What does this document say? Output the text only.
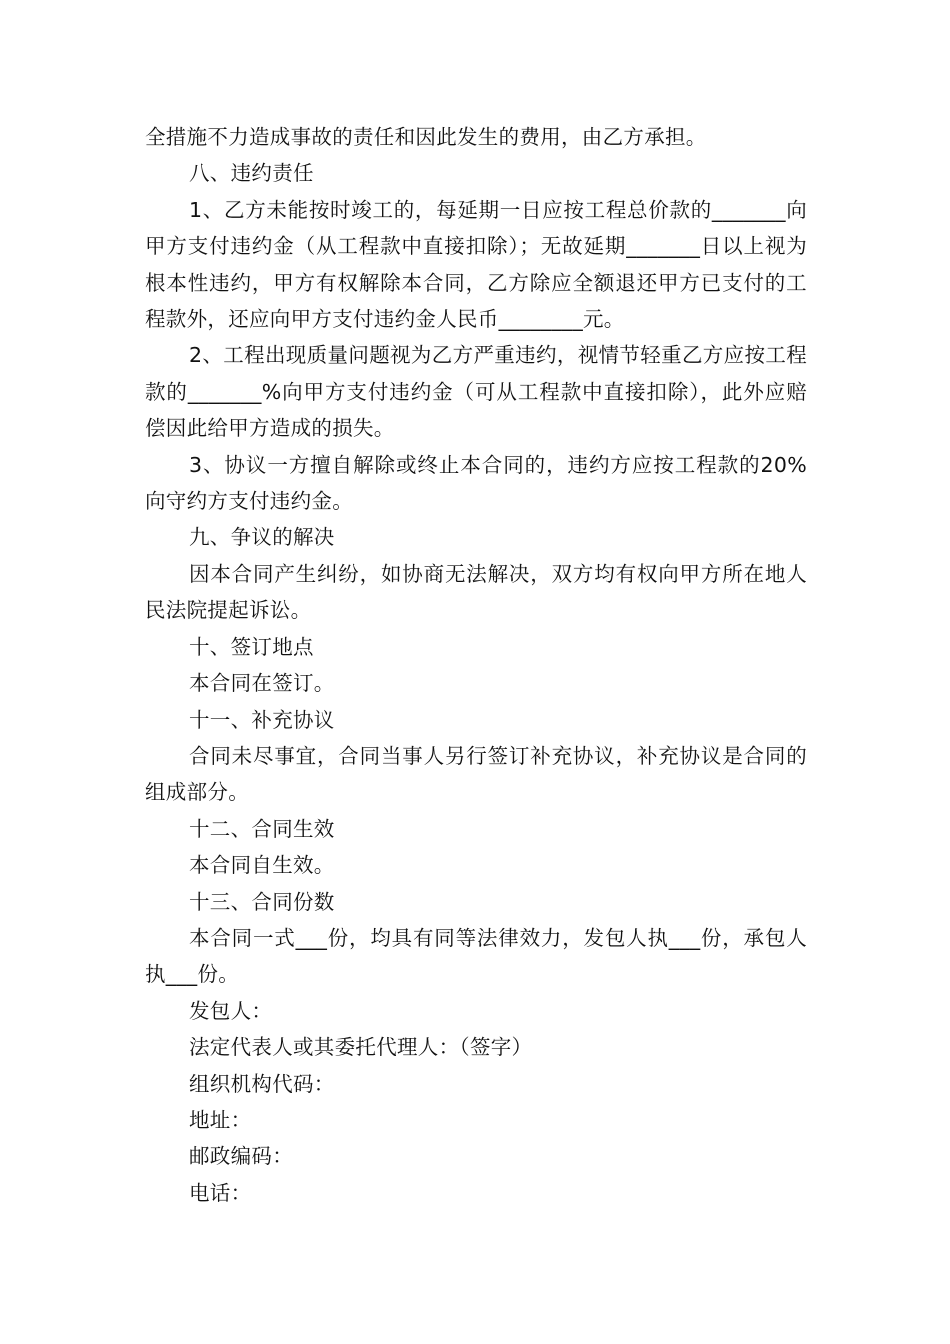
全措施不力造成事故的责任和因此发生的费用，由乙方承担。

八、违约责任

1、乙方未能按时竣工的，每延期一日应按工程总价款的_______向甲方支付违约金（从工程款中直接扣除）；无故延期_______日以上视为根本性违约，甲方有权解除本合同，乙方除应全额退还甲方已支付的工程款外，还应向甲方支付违约金人民币________元。

2、工程出现质量问题视为乙方严重违约，视情节轻重乙方应按工程款的_______%向甲方支付违约金（可从工程款中直接扣除），此外应赔偿因此给甲方造成的损失。

3、协议一方擅自解除或终止本合同的，违约方应按工程款的20%向守约方支付违约金。

九、争议的解决

因本合同产生纠纷，如协商无法解决，双方均有权向甲方所在地人民法院提起诉讼。

十、签订地点

本合同在签订。

十一、补充协议

合同未尽事宜，合同当事人另行签订补充协议，补充协议是合同的组成部分。

十二、合同生效

本合同自生效。

十三、合同份数

本合同一式___份，均具有同等法律效力，发包人执___份，承包人执___份。

发包人：

法定代表人或其委托代理人：（签字）

组织机构代码：

地址：

邮政编码：

电话：
